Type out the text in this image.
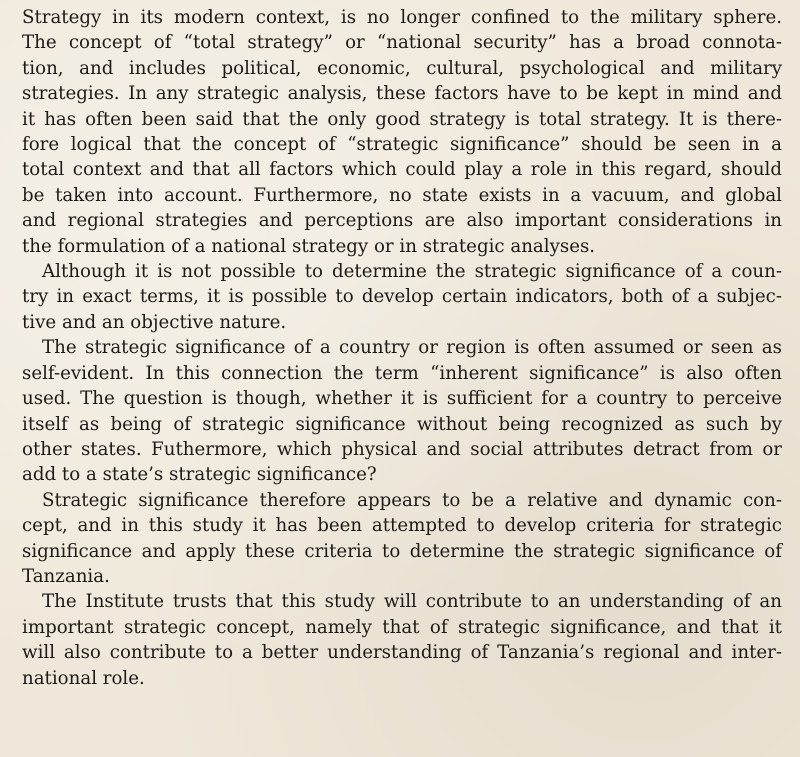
Strategy in its modern context, is no longer confined to the military sphere.
The concept of “total strategy” or “national security” has a broad connota-
tion, and includes political, economic, cultural, psychological and military
strategies. In any strategic analysis, these factors have to be kept in mind and
it has often been said that the only good strategy is total strategy. It is there-
fore logical that the concept of “strategic significance” should be seen in a
total context and that all factors which could play a role in this regard, should
be taken into account. Furthermore, no state exists in a vacuum, and global
and regional strategies and perceptions are also important considerations in
the formulation of a national strategy or in strategic analyses.

Although it is not possible to determine the strategic significance of a coun-
try in exact terms, it is possible to develop certain indicators, both of a subjec-
tive and an objective nature.

The strategic significance of a country or region is often assumed or seen as
self-evident. In this connection the term “inherent significance” is also often
used. The question is though, whether it is sufficient for a country to perceive
itself as being of strategic significance without being recognized as such by
other states. Futhermore, which physical and social attributes detract from or
add to a state’s strategic significance?

Strategic significance therefore appears to be a relative and dynamic con-
cept, and in this study it has been attempted to develop criteria for strategic
significance and apply these criteria to determine the strategic significance of
Tanzania.

The Institute trusts that this study will contribute to an understanding of an
important strategic concept, namely that of strategic significance, and that it
will also contribute to a better understanding of Tanzania’s regional and inter-
national role.
